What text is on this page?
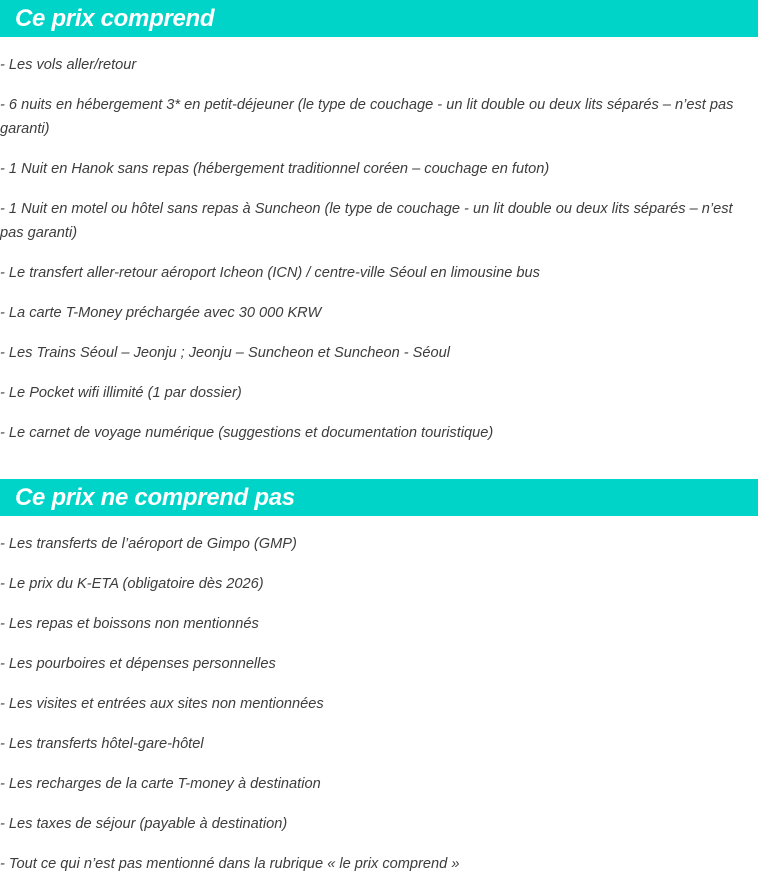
Ce prix comprend
- Les vols aller/retour
- 6 nuits en hébergement 3* en petit-déjeuner (le type de couchage - un lit double ou deux lits séparés – n’est pas garanti)
- 1 Nuit en Hanok sans repas (hébergement traditionnel coréen – couchage en futon)
- 1 Nuit en motel ou hôtel sans repas à Suncheon (le type de couchage - un lit double ou deux lits séparés – n’est pas garanti)
- Le transfert aller-retour aéroport Icheon (ICN) / centre-ville Séoul en limousine bus
- La carte T-Money préchargée avec 30 000 KRW
- Les Trains Séoul – Jeonju ; Jeonju – Suncheon et Suncheon - Séoul
- Le Pocket wifi illimité (1 par dossier)
- Le carnet de voyage numérique (suggestions et documentation touristique)
Ce prix ne comprend pas
- Les transferts de l’aéroport de Gimpo (GMP)
- Le prix du K-ETA (obligatoire dès 2026)
- Les repas et boissons non mentionnés
- Les pourboires et dépenses personnelles
- Les visites et entrées aux sites non mentionnées
- Les transferts hôtel-gare-hôtel
- Les recharges de la carte T-money à destination
- Les taxes de séjour (payable à destination)
- Tout ce qui n’est pas mentionné dans la rubrique « le prix comprend »
